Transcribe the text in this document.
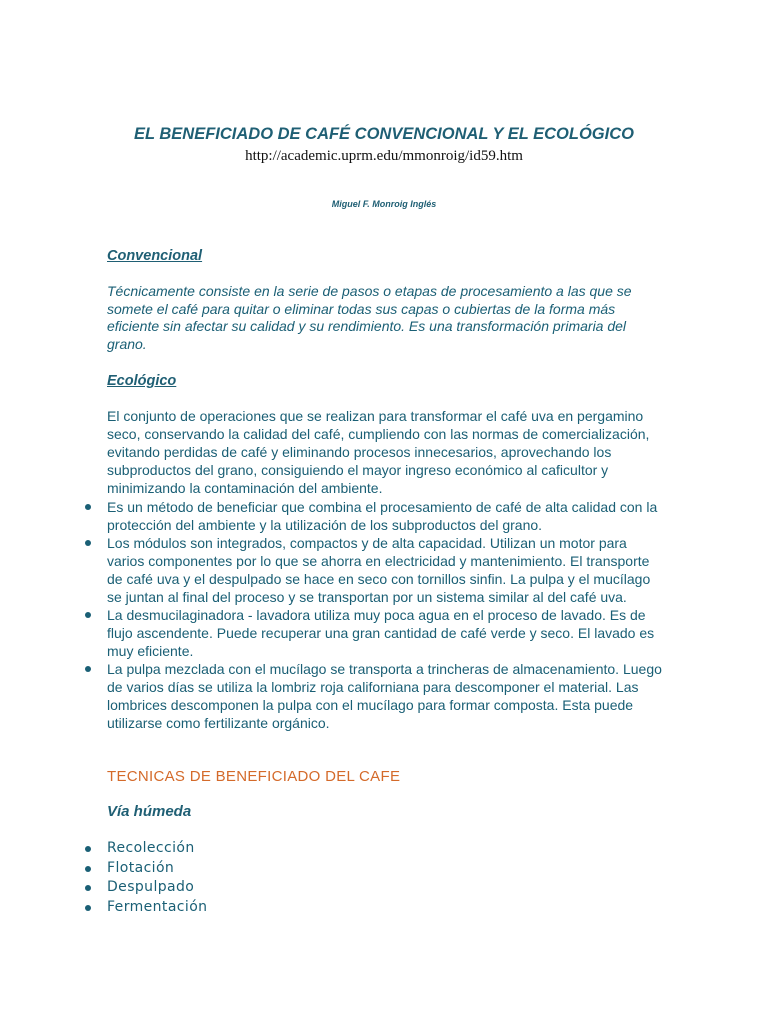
EL BENEFICIADO DE CAFÉ CONVENCIONAL Y EL ECOLÓGICO
http://academic.uprm.edu/mmonroig/id59.htm
Miguel F. Monroig Inglés
Convencional

Técnicamente consiste en la serie de pasos o etapas de procesamiento a las que se somete el café para quitar o eliminar todas sus capas o cubiertas de la forma más eficiente sin afectar su calidad y su rendimiento. Es una transformación primaria del grano.

Ecológico

El conjunto de operaciones que se realizan para transformar el café uva en pergamino seco, conservando la calidad del café, cumpliendo con las normas de comercialización, evitando perdidas de café y eliminando procesos innecesarios, aprovechando los subproductos del grano, consiguiendo el mayor ingreso económico al caficultor y minimizando la contaminación del ambiente.

Es un método de beneficiar que combina el procesamiento de café de alta calidad con la protección del ambiente y la utilización de los subproductos del grano.
Los módulos son integrados, compactos y de alta capacidad. Utilizan un motor para varios componentes por lo que se ahorra en electricidad y mantenimiento. El transporte de café uva y el despulpado se hace en seco con tornillos sinfin. La pulpa y el mucílago se juntan al final del proceso y se transportan por un sistema similar al del café uva.
La desmucilaginadora - lavadora utiliza muy poca agua en el proceso de lavado. Es de flujo ascendente. Puede recuperar una gran cantidad de café verde y seco. El lavado es muy eficiente.
La pulpa mezclada con el mucílago se transporta a trincheras de almacenamiento. Luego de varios días se utiliza la lombriz roja californiana para descomponer el material. Las lombrices descomponen la pulpa con el mucílago para formar composta. Esta puede utilizarse como fertilizante orgánico.
TECNICAS DE BENEFICIADO DEL CAFE
Vía húmeda
Recolección
Flotación
Despulpado
Fermentación
